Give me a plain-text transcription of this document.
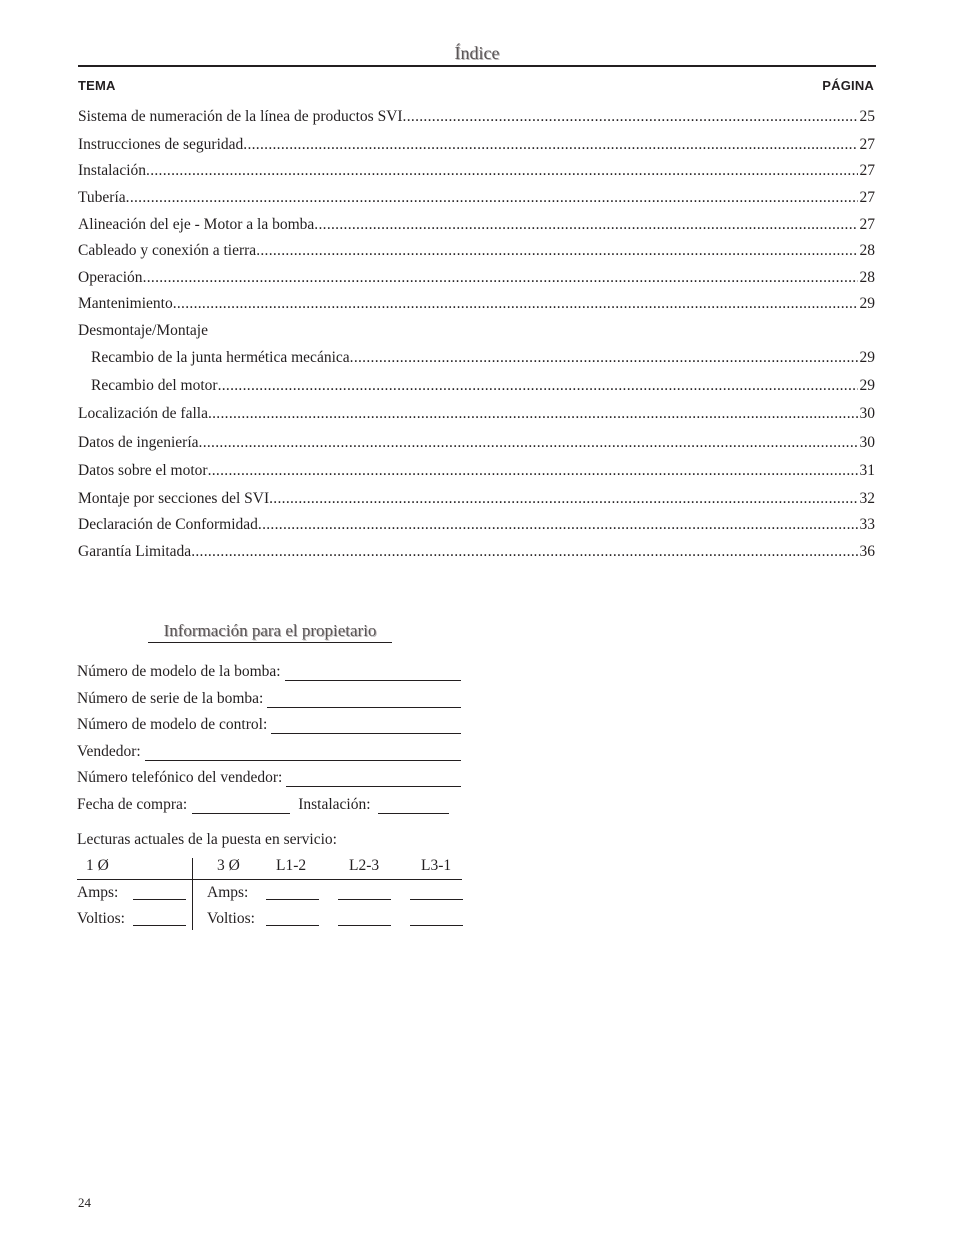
Índice
TEMA	PÁGINA
Sistema de numeración de la línea de productos SVI .....	25
Instrucciones de seguridad .....	27
Instalación .....	27
Tubería .....	27
Alineación del eje - Motor a la bomba .....	27
Cableado y conexión a tierra .....	28
Operación .....	28
Mantenimiento .....	29
Desmontaje/Montaje
Recambio de la junta hermética mecánica .....	29
Recambio del motor .....	29
Localización de falla .....	30
Datos de ingeniería .....	30
Datos sobre el motor .....	31
Montaje por secciones del SVI .....	32
Declaración de Conformidad .....	33
Garantía Limitada .....	36
Información para el propietario
Número de modelo de la bomba:
Número de serie de la bomba:
Número de modelo de control:
Vendedor:
Número telefónico del vendedor:
Fecha de compra:	Instalación:
Lecturas actuales de la puesta en servicio:
1 Ø	3 Ø L1-2	L2-3	L3-1
Amps:	Amps:
Voltios:	Voltios:
24
